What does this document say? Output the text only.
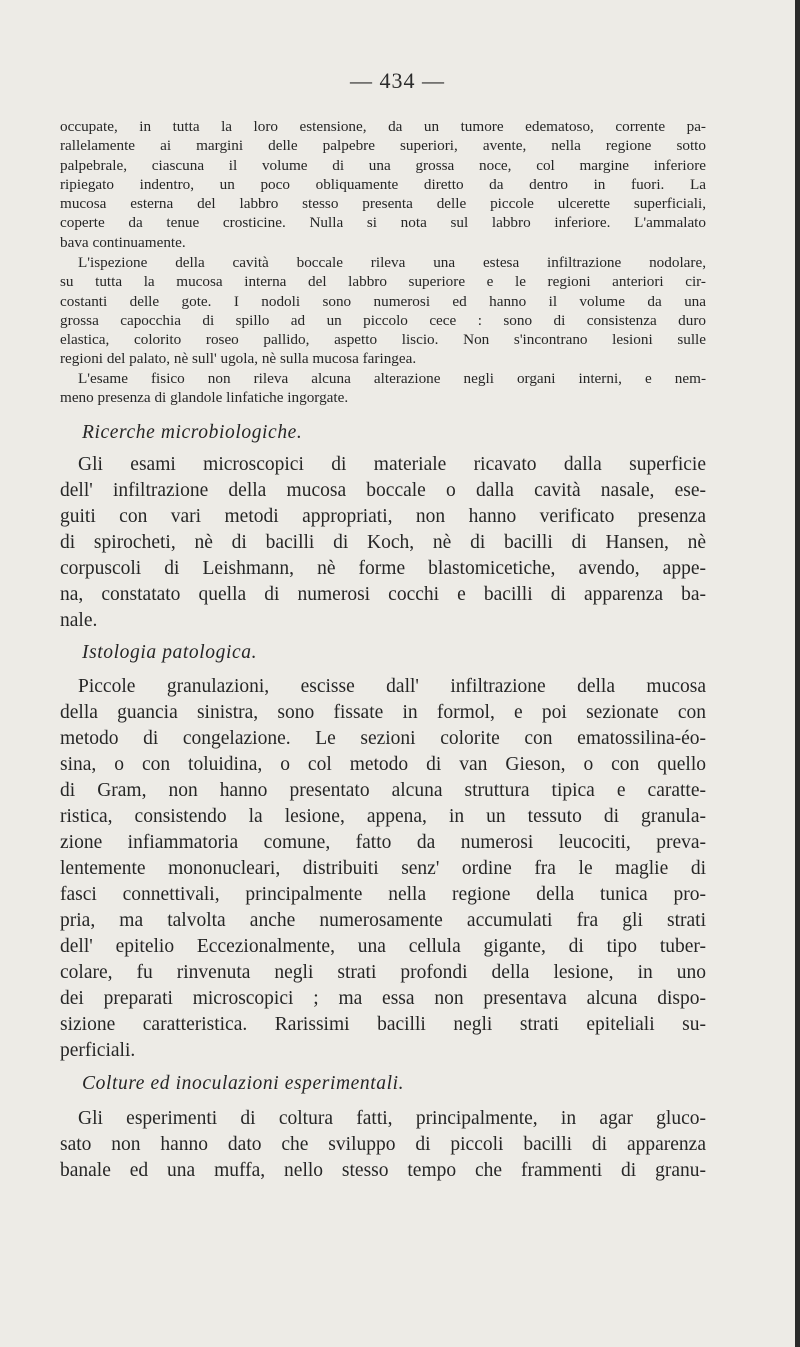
— 434 —
occupate, in tutta la loro estensione, da un tumore edematoso, corrente pa-
rallelamente ai margini delle palpebre superiori, avente, nella regione sotto
palpebrale, ciascuna il volume di una grossa noce, col margine inferiore
ripiegato indentro, un poco obliquamente diretto da dentro in fuori. La
mucosa esterna del labbro stesso presenta delle piccole ulcerette superficiali,
coperte da tenue crosticine. Nulla si nota sul labbro inferiore. L'ammalato
bava continuamente.
L'ispezione della cavità boccale rileva una estesa infiltrazione nodolare,
su tutta la mucosa interna del labbro superiore e le regioni anteriori cir-
costanti delle gote. I nodoli sono numerosi ed hanno il volume da una
grossa capocchia di spillo ad un piccolo cece : sono di consistenza duro
elastica, colorito roseo pallido, aspetto liscio. Non s'incontrano lesioni sulle
regioni del palato, nè sull' ugola, nè sulla mucosa faringea.
L'esame fisico non rileva alcuna alterazione negli organi interni, e nem-
meno presenza di glandole linfatiche ingorgate.
Ricerche microbiologiche.
Gli esami microscopici di materiale ricavato dalla superficie
dell' infiltrazione della mucosa boccale o dalla cavità nasale, ese-
guiti con vari metodi appropriati, non hanno verificato presenza
di spirocheti, nè di bacilli di Koch, nè di bacilli di Hansen, nè
corpuscoli di Leishmann, nè forme blastomicetiche, avendo, appe-
na, constatato quella di numerosi cocchi e bacilli di apparenza ba-
nale.
Istologia patologica.
Piccole granulazioni, escisse dall' infiltrazione della mucosa
della guancia sinistra, sono fissate in formol, e poi sezionate con
metodo di congelazione. Le sezioni colorite con ematossilina-éo-
sina, o con toluidina, o col metodo di van Gieson, o con quello
di Gram, non hanno presentato alcuna struttura tipica e caratte-
ristica, consistendo la lesione, appena, in un tessuto di granula-
zione infiammatoria comune, fatto da numerosi leucociti, preva-
lentemente mononucleari, distribuiti senz' ordine fra le maglie di
fasci connettivali, principalmente nella regione della tunica pro-
pria, ma talvolta anche numerosamente accumulati fra gli strati
dell' epitelio Eccezionalmente, una cellula gigante, di tipo tuber-
colare, fu rinvenuta negli strati profondi della lesione, in uno
dei preparati microscopici ; ma essa non presentava alcuna dispo-
sizione caratteristica. Rarissimi bacilli negli strati epiteliali su-
perficiali.
Colture ed inoculazioni esperimentali.
Gli esperimenti di coltura fatti, principalmente, in agar gluco-
sato non hanno dato che sviluppo di piccoli bacilli di apparenza
banale ed una muffa, nello stesso tempo che frammenti di granu-
